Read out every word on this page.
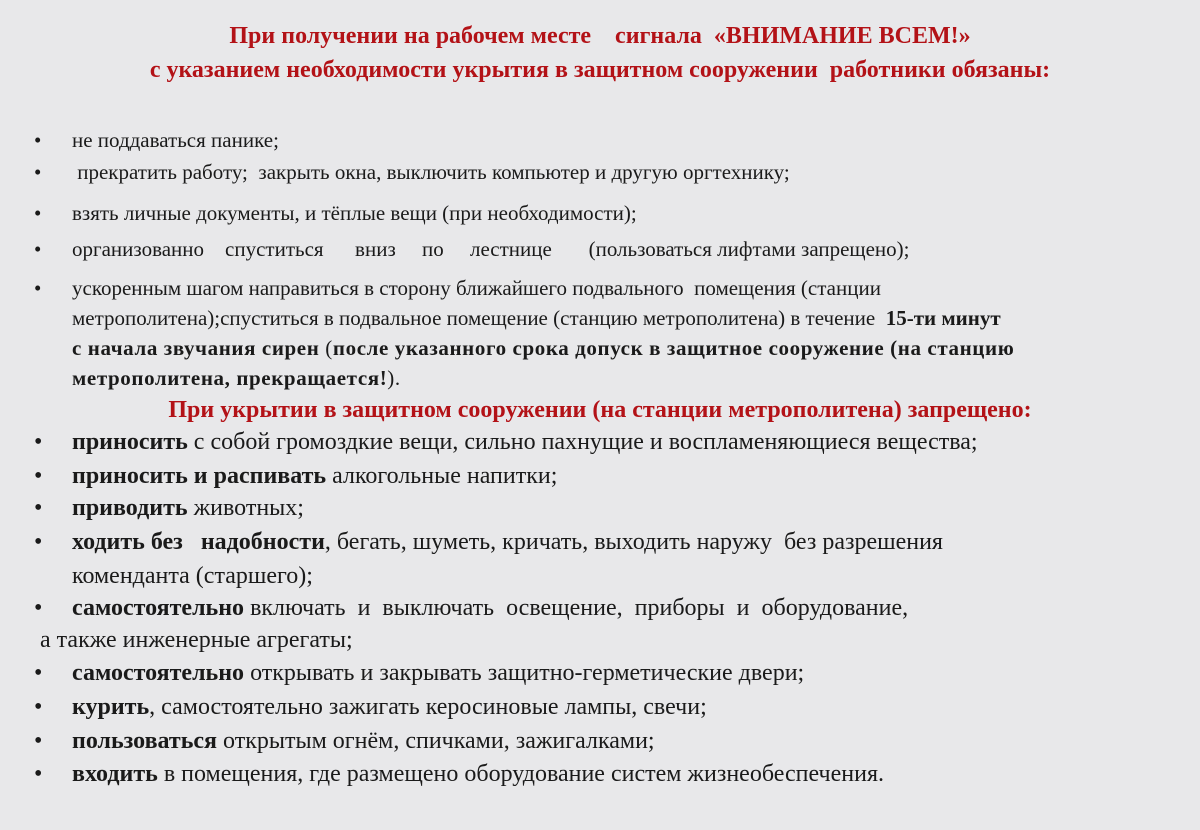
При получении на рабочем месте    сигнала  «ВНИМАНИЕ ВСЕМ!»
с указанием необходимости укрытия в защитном сооружении  работники обязаны:
• не поддаваться панике;
• прекратить работу;  закрыть окна, выключить компьютер и другую оргтехнику;
• взять личные документы, и тёплые вещи (при необходимости);
• организованно    спуститься      вниз     по     лестнице       (пользоваться лифтами запрещено);
• ускоренным шагом направиться в сторону ближайшего подвального  помещения (станции
метрополитена);спуститься в подвальное помещение (станцию метрополитена) в течение  15-ти минут
с начала звучания сирен (после указанного срока допуск в защитное сооружение (на станцию
метрополитена, прекращается!).
При укрытии в защитном сооружении (на станции метрополитена) запрещено:
• приносить с собой громоздкие вещи, сильно пахнущие и воспламеняющиеся вещества;
• приносить и распивать алкогольные напитки;
• приводить животных;
• ходить без   надобности, бегать, шуметь, кричать, выходить наружу  без разрешения
коменданта (старшего);
• самостоятельно включать  и  выключать  освещение,  приборы  и  оборудование,
а также инженерные агрегаты;
• самостоятельно открывать и закрывать защитно-герметические двери;
• курить, самостоятельно зажигать керосиновые лампы, свечи;
• пользоваться открытым огнём, спичками, зажигалками;
• входить в помещения, где размещено оборудование систем жизнеобеспечения.
